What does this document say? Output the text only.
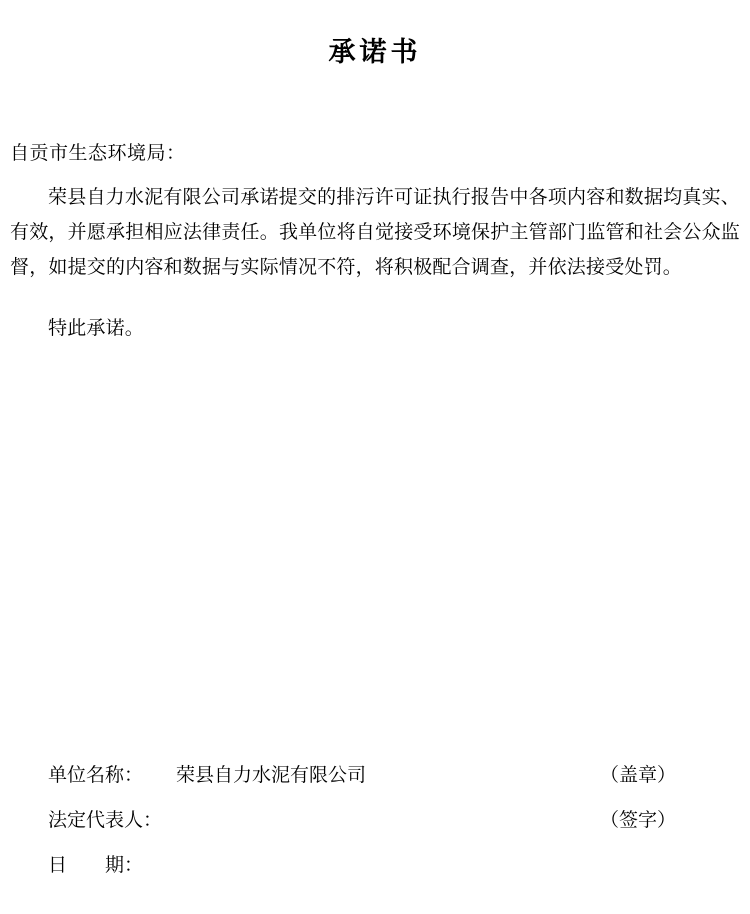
承诺书
自贡市生态环境局：

荣县自力水泥有限公司承诺提交的排污许可证执行报告中各项内容和数据均真实、有效，并愿承担相应法律责任。我单位将自觉接受环境保护主管部门监管和社会公众监督，如提交的内容和数据与实际情况不符，将积极配合调查，并依法接受处罚。

特此承诺。

单位名称： 荣县自力水泥有限公司	（盖章）
法定代表人：	（签字）
日　　期：
